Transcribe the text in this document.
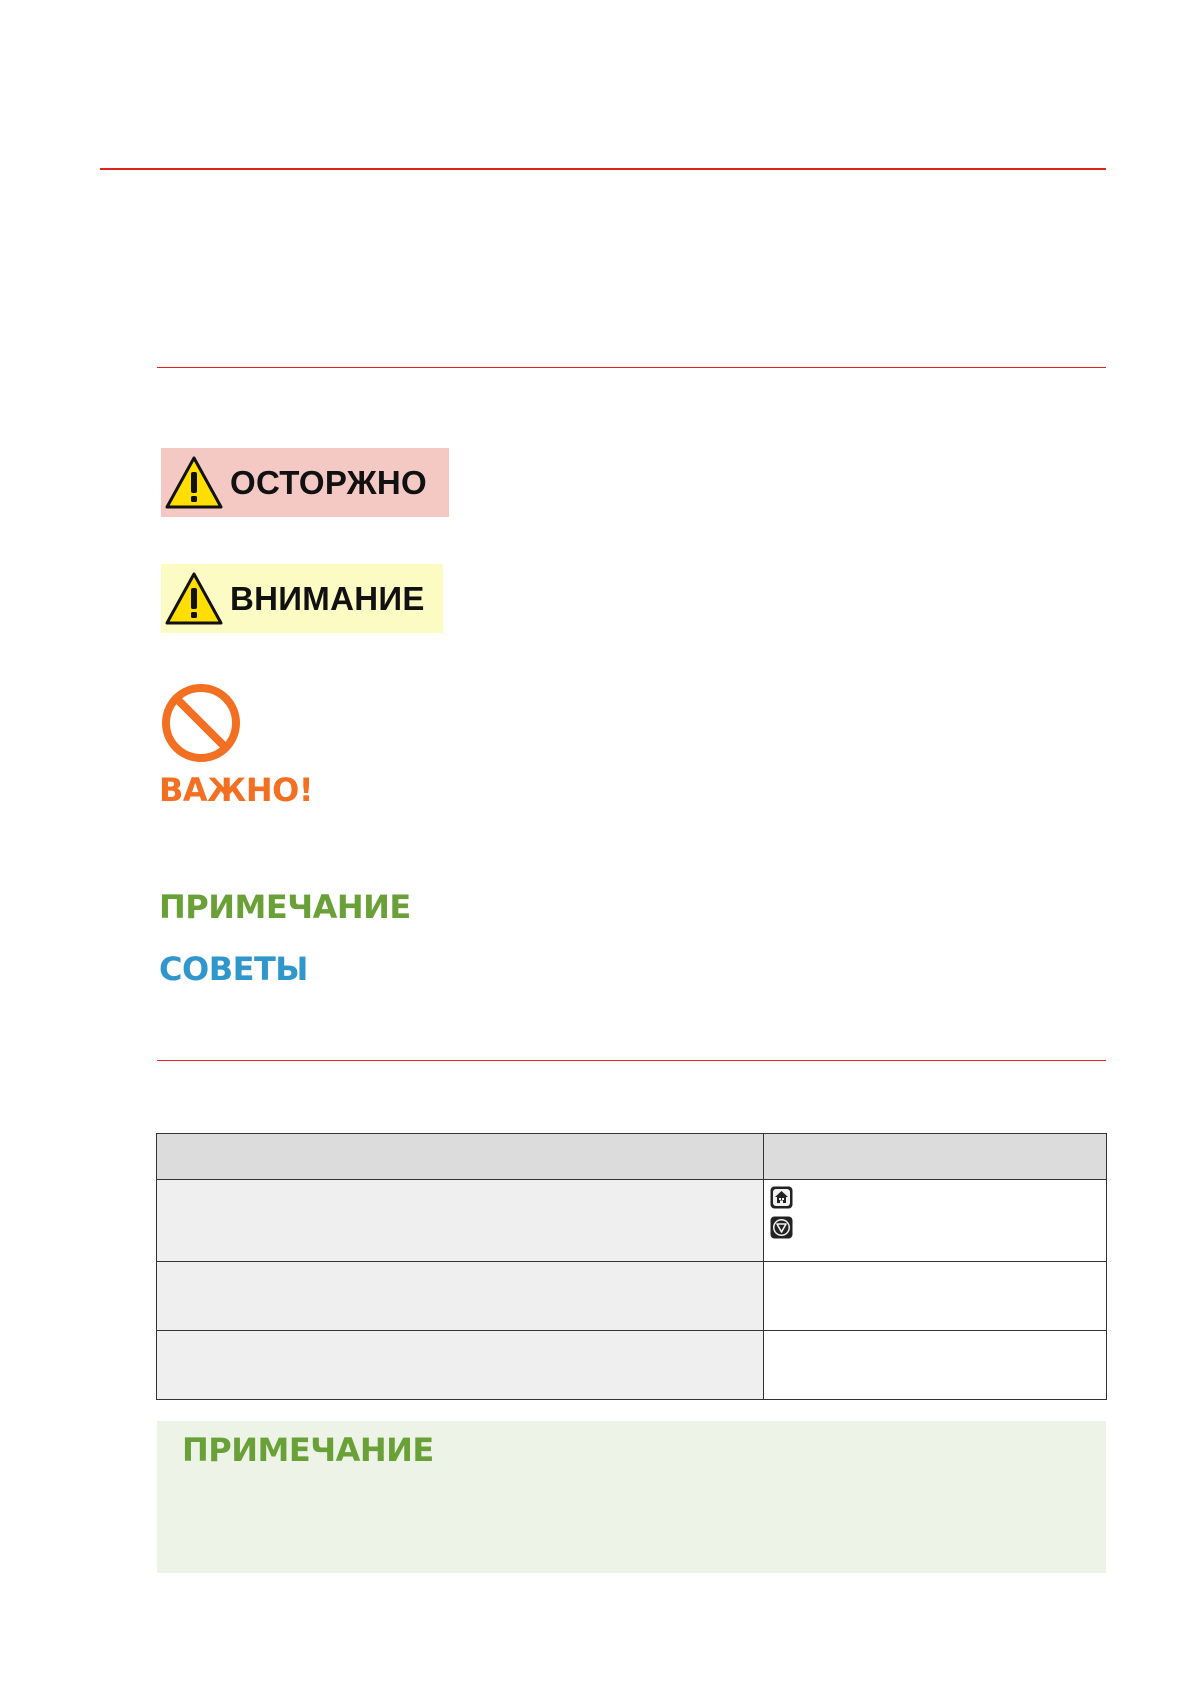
ОСТОРЖНО
ВНИМАНИЕ
ВАЖНО!
ПРИМЕЧАНИЕ
СОВЕТЫ

ПРИМЕЧАНИЕ
